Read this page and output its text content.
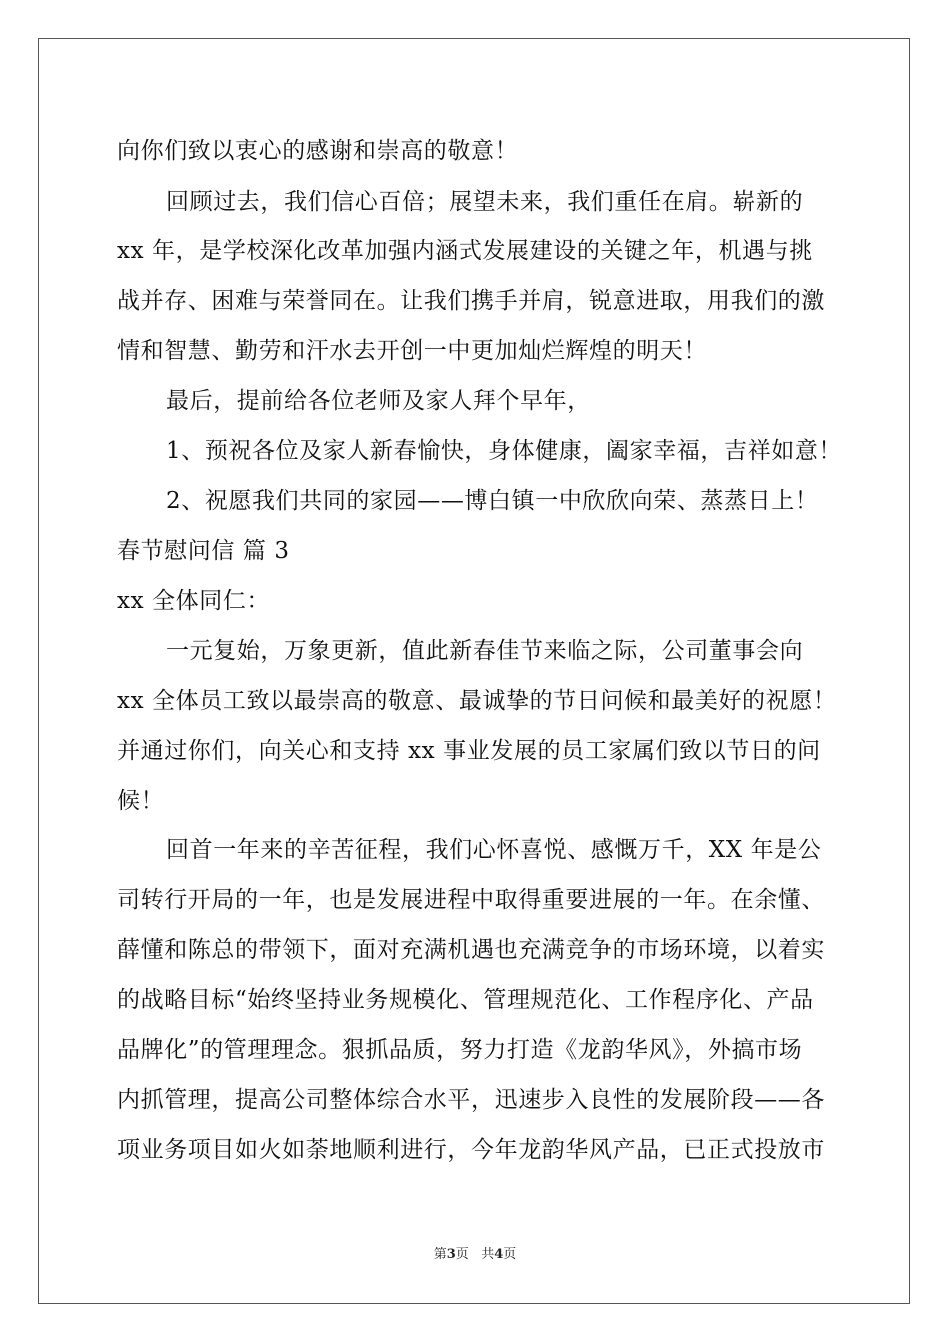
向你们致以衷心的感谢和崇高的敬意！
回顾过去，我们信心百倍；展望未来，我们重任在肩。崭新的
xx 年，是学校深化改革加强内涵式发展建设的关键之年，机遇与挑
战并存、困难与荣誉同在。让我们携手并肩，锐意进取，用我们的激
情和智慧、勤劳和汗水去开创一中更加灿烂辉煌的明天！
最后，提前给各位老师及家人拜个早年，
1、预祝各位及家人新春愉快，身体健康，阖家幸福，吉祥如意！
2、祝愿我们共同的家园——博白镇一中欣欣向荣、蒸蒸日上！
春节慰问信 篇 3
xx 全体同仁：
一元复始，万象更新，值此新春佳节来临之际，公司董事会向
xx 全体员工致以最崇高的敬意、最诚挚的节日问候和最美好的祝愿！
并通过你们，向关心和支持 xx 事业发展的员工家属们致以节日的问
候！
回首一年来的辛苦征程，我们心怀喜悦、感慨万千，XX 年是公
司转行开局的一年，也是发展进程中取得重要进展的一年。在余懂、
薛懂和陈总的带领下，面对充满机遇也充满竞争的市场环境，以着实
的战略目标“始终坚持业务规模化、管理规范化、工作程序化、产品
品牌化”的管理理念。狠抓品质，努力打造《龙韵华风》，外搞市场
内抓管理，提高公司整体综合水平，迅速步入良性的发展阶段——各
项业务项目如火如荼地顺利进行，今年龙韵华风产品，已正式投放市
第3页 共4页
